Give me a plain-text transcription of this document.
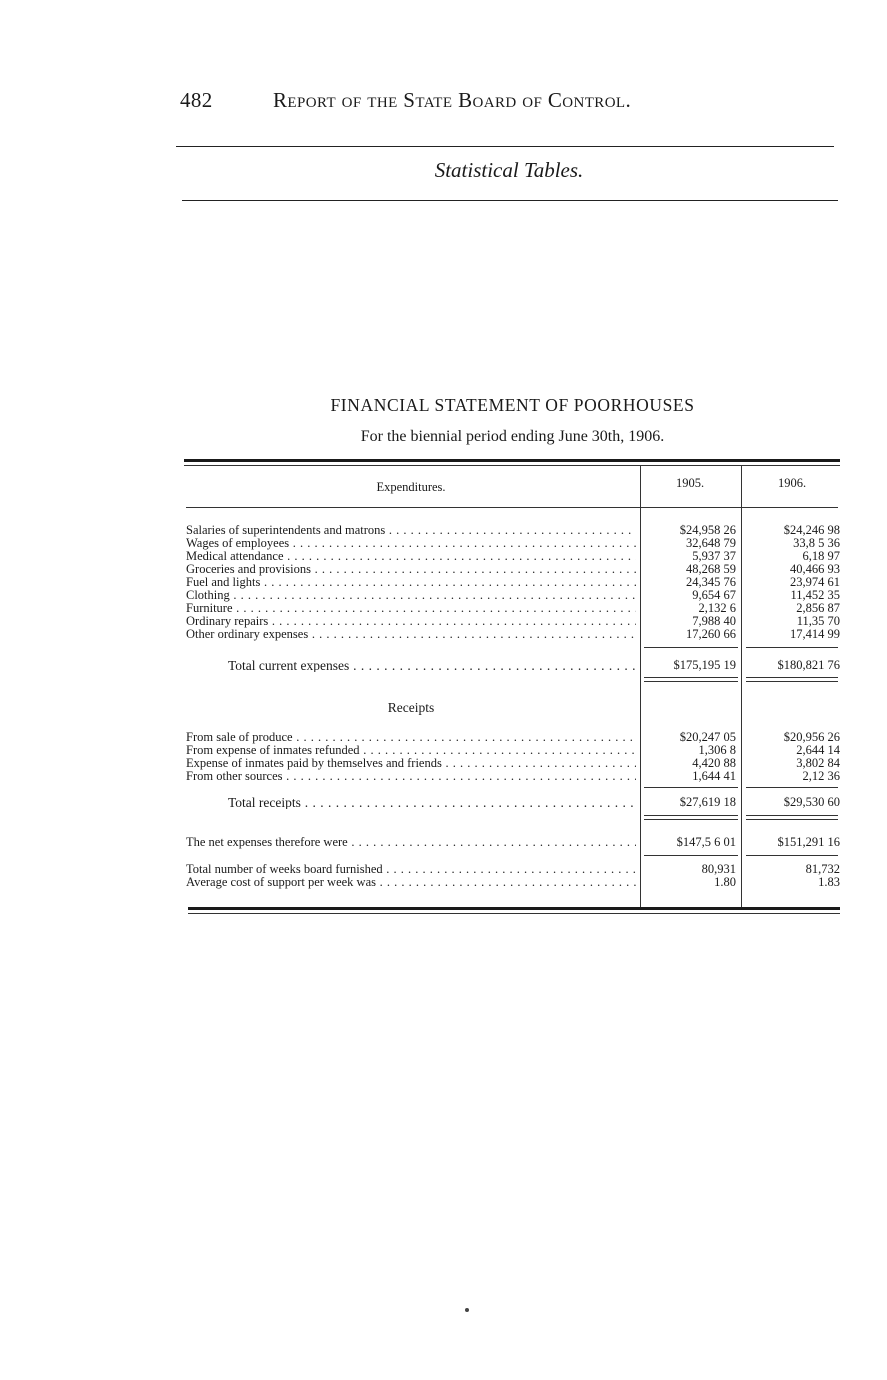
482	Report of the State Board of Control.
Statistical Tables.
FINANCIAL STATEMENT OF POORHOUSES
For the biennial period ending June 30th, 1906.
Expenditures.	1905.	1906.
Salaries of superintendents and matrons . . .	$24,958 26	$24,246 98
Wages of employees . . .	32,648 79	33,8 5 36
Medical attendance . . .	5,937 37	6,18 97
Groceries and provisions . . .	48,268 59	40,466 93
Fuel and lights . . .	24,345 76	23,974 61
Clothing . . .	9,654 67	11,452 35
Furniture . . .	2,132 6	2,856 87
Ordinary repairs . . .	7,988 40	11,35 70
Other ordinary expenses . . .	17,260 66	17,414 99
Total current expenses . . .	$175,195 19	$180,821 76
Receipts
From sale of produce . . .	$20,247 05	$20,956 26
From expense of inmates refunded . . .	1,306 8	2,644 14
Expense of inmates paid by themselves and friends . . .	4,420 88	3,802 84
From other sources . . .	1,644 41	2,12 36
Total receipts . . .	$27,619 18	$29,530 60
The net expenses therefore were . . .	$147,5 6 01	$151,291 16
Total number of weeks board furnished . . .	80,931	81,732
Average cost of support per week was . . .	1.80	1.83
